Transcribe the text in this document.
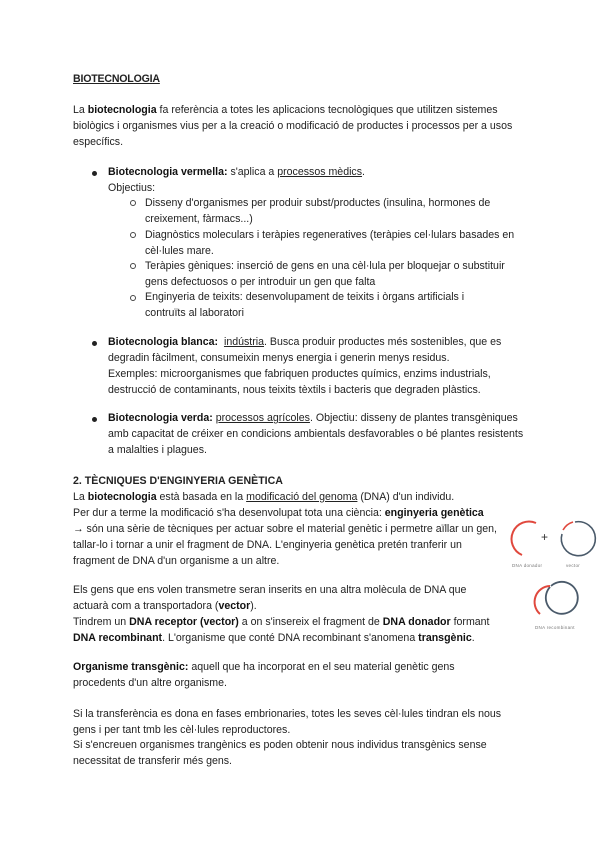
BIOTECNOLOGIA
La biotecnologia fa referència a totes les aplicacions tecnològiques que utilitzen sistemes biològics i organismes vius per a la creació o modificació de productes i processos per a usos específics.
Biotecnologia vermella: s'aplica a processos mèdics.
Objectius:
Disseny d'organismes per produir subst/productes (insulina, hormones de creixement, fàrmacs...)
Diagnòstics moleculars i teràpies regeneratives (teràpies cel·lulars basades en cèl·lules mare.
Teràpies gèniques: inserció de gens en una cèl·lula per bloquejar o substituir gens defectuosos o per introduir un gen que falta
Enginyeria de teixits: desenvolupament de teixits i òrgans artificials i contruïts al laboratori
Biotecnologia blanca: indústria. Busca produir productes més sostenibles, que es degradin fàcilment, consumeixin menys energia i generin menys residus.
Exemples: microorganismes que fabriquen productes químics, enzims industrials, destrucció de contaminants, nous teixits tèxtils i bacteris que degraden plàstics.
Biotecnologia verda: processos agrícoles. Objectiu: disseny de plantes transgèniques amb capacitat de créixer en condicions ambientals desfavorables o bé plantes resistents a malalties i plagues.
2. TÈCNIQUES D'ENGINYERIA GENÈTICA
La biotecnologia està basada en la modificació del genoma (DNA) d'un individu.
Per dur a terme la modificació s'ha desenvolupat tota una ciència: enginyeria genètica
→ són una sèrie de tècniques per actuar sobre el material genètic i permetre aïllar un gen, tallar-lo i tornar a unir el fragment de DNA. L'enginyeria genètica pretén tranferir un fragment de DNA d'un organisme a un altre.
Els gens que ens volen transmetre seran inserits en una altra molècula de DNA que actuarà com a transportadora (vector).
Tindrem un DNA receptor (vector) a on s'insereix el fragment de DNA donador formant DNA recombinant. L'organisme que conté DNA recombinant s'anomena transgènic.
Organisme transgènic: aquell que ha incorporat en el seu material genètic gens procedents d'un altre organisme.
Si la transferència es dona en fases embrionaries, totes les seves cèl·lules tindran els nous gens i per tant tmb les cèl·lules reproductores.
Si s'encreuen organismes trangènics es poden obtenir nous individus transgènics sense necessitat de transferir més gens.
+
DNA donador	vector
DNA recombinant
